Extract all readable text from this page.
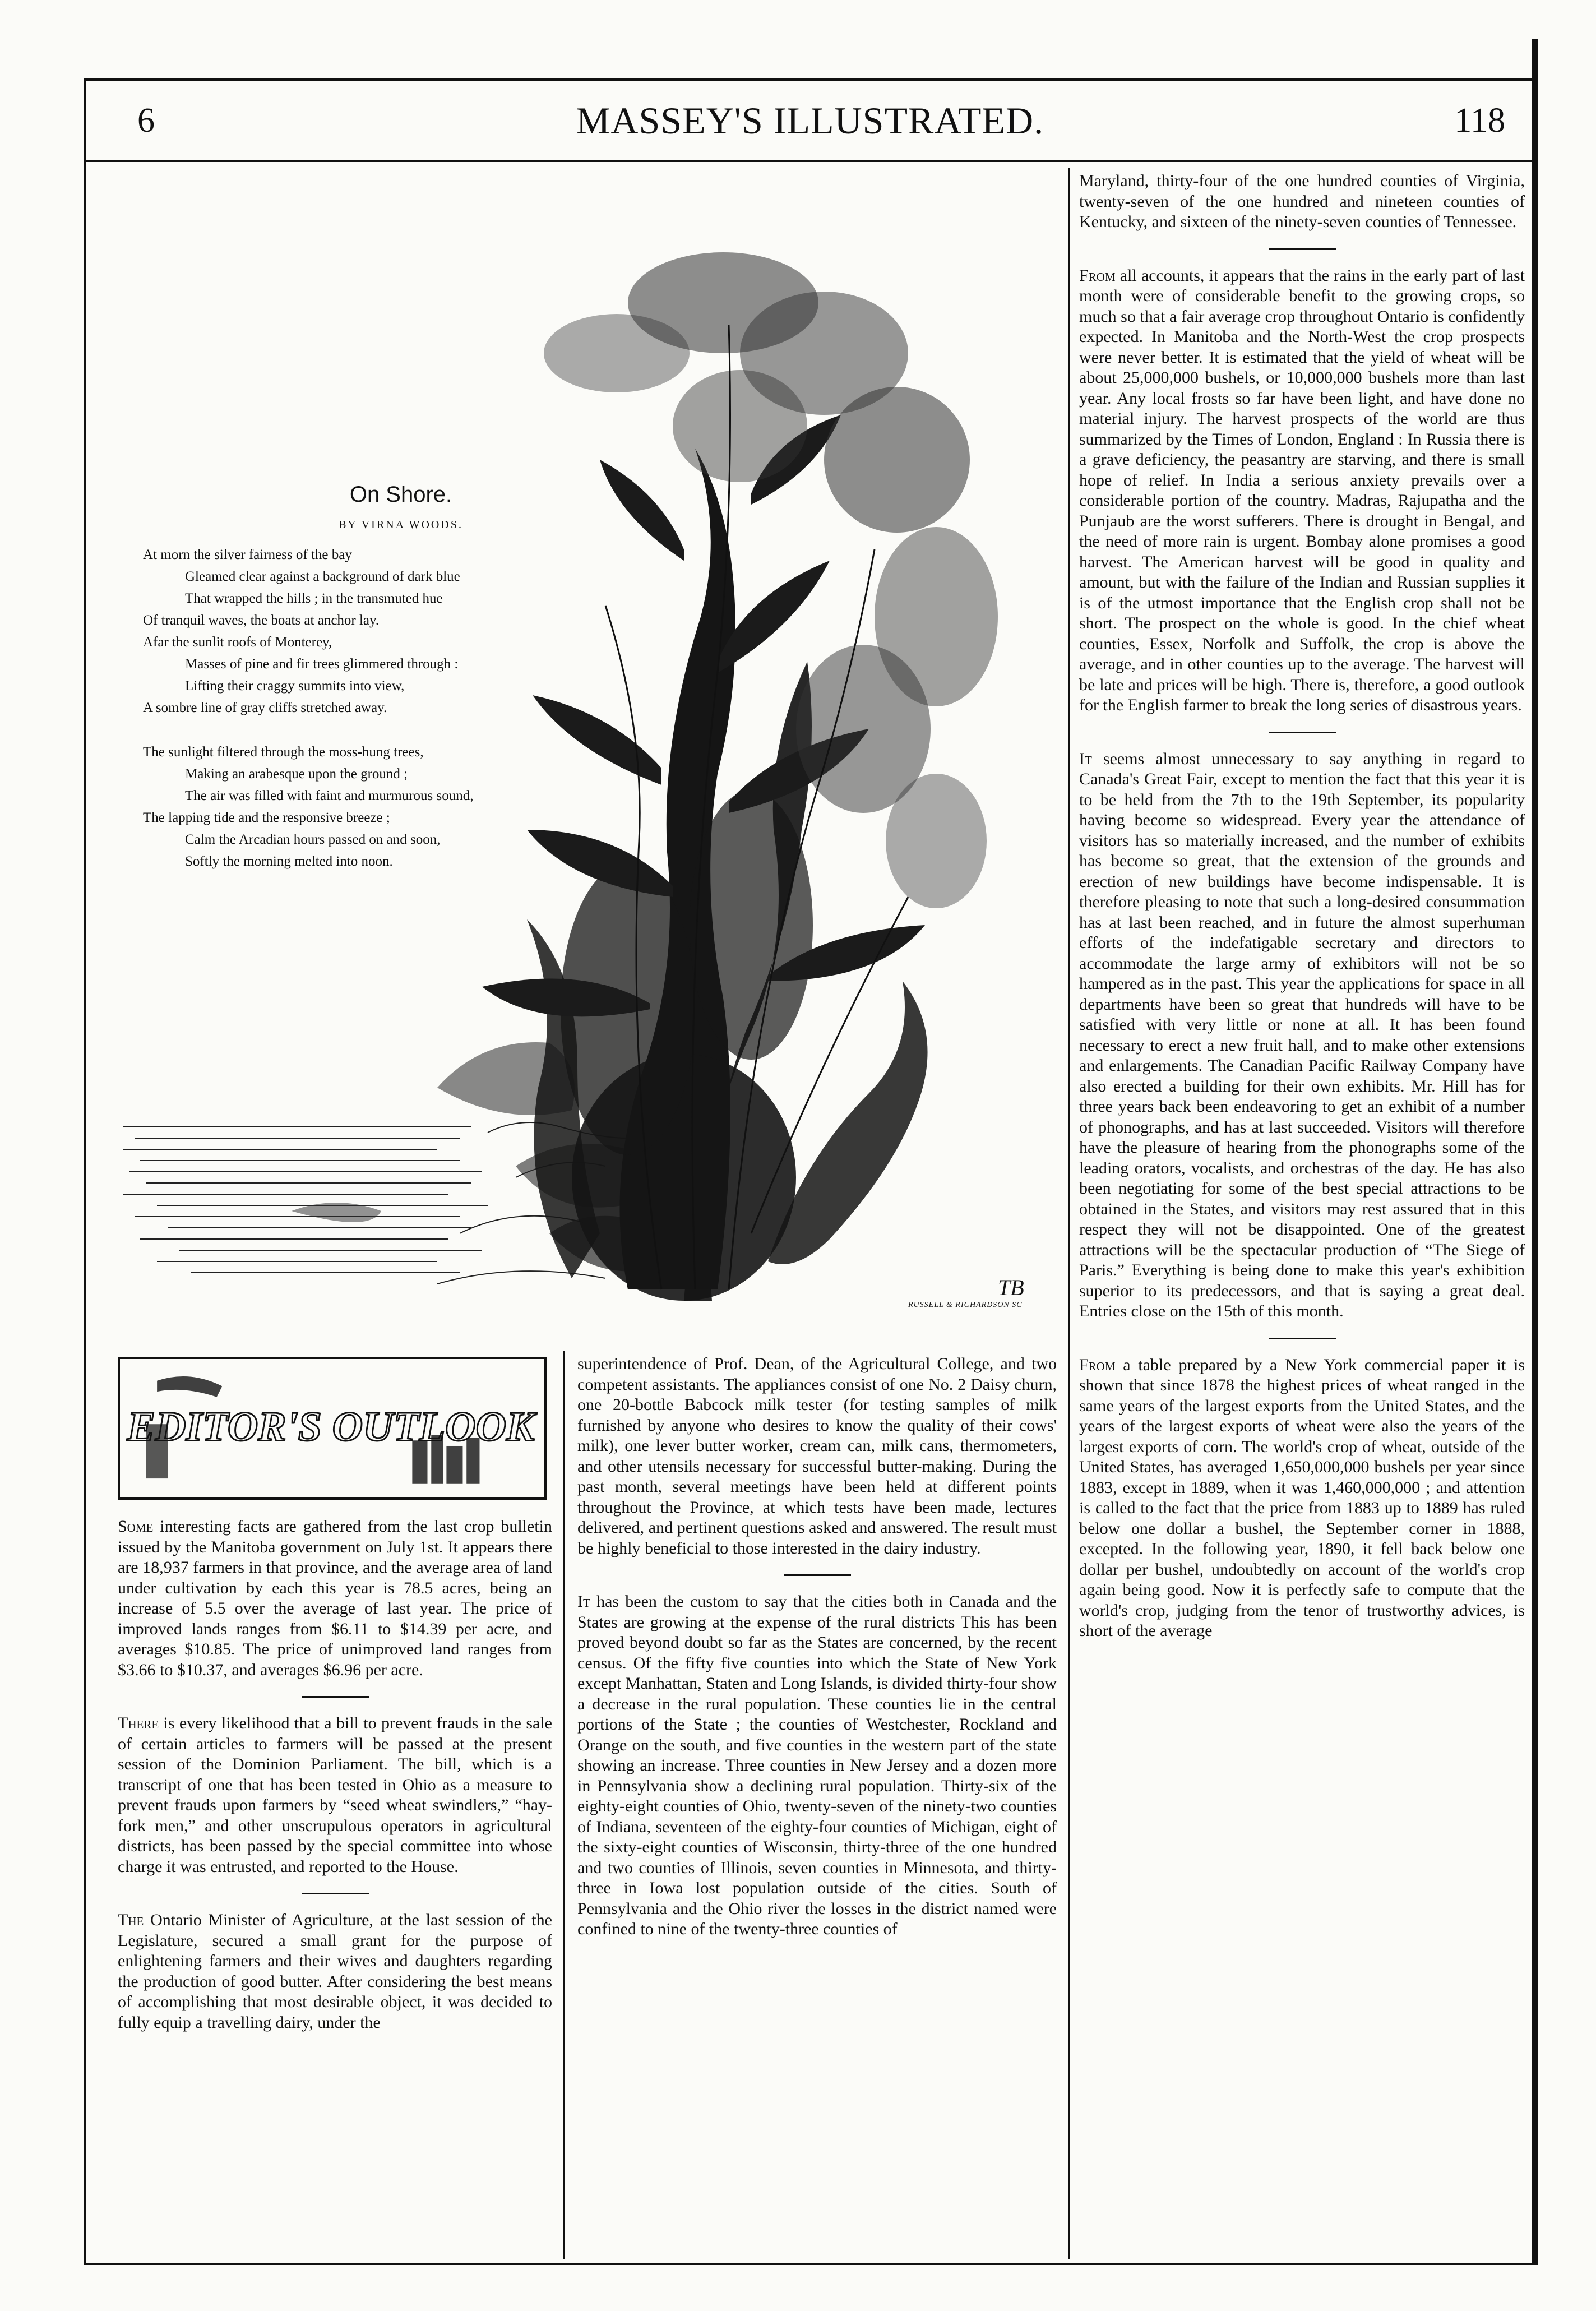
6	MASSEY'S ILLUSTRATED.	118
TB
RUSSELL & RICHARDSON SC
On Shore.
BY VIRNA WOODS.
At morn the silver fairness of the bay
Gleamed clear against a background of dark blue
That wrapped the hills ; in the transmuted hue
Of tranquil waves, the boats at anchor lay.
Afar the sunlit roofs of Monterey,
Masses of pine and fir trees glimmered through :
Lifting their craggy summits into view,
A sombre line of gray cliffs stretched away.
The sunlight filtered through the moss-hung trees,
Making an arabesque upon the ground ;
The air was filled with faint and murmurous sound,
The lapping tide and the responsive breeze ;
Calm the Arcadian hours passed on and soon,
Softly the morning melted into noon.
EDITOR'S OUTLOOK

Some interesting facts are gathered from the last crop bulletin issued by the Manitoba government on July 1st. It appears there are 18,937 farmers in that province, and the average area of land under cultivation by each this year is 78.5 acres, being an increase of 5.5 over the average of last year. The price of improved lands ranges from $6.11 to $14.39 per acre, and averages $10.85. The price of unimproved land ranges from $3.66 to $10.37, and averages $6.96 per acre.

There is every likelihood that a bill to prevent frauds in the sale of certain articles to farmers will be passed at the present session of the Dominion Parliament. The bill, which is a transcript of one that has been tested in Ohio as a measure to prevent frauds upon farmers by “seed wheat swindlers,” “hay-fork men,” and other unscrupulous operators in agricultural districts, has been passed by the special committee into whose charge it was entrusted, and reported to the House.

The Ontario Minister of Agriculture, at the last session of the Legislature, secured a small grant for the purpose of enlightening farmers and their wives and daughters regarding the production of good butter. After considering the best means of accomplishing that most desirable object, it was decided to fully equip a travelling dairy, under the

superintendence of Prof. Dean, of the Agricultural College, and two competent assistants. The appliances consist of one No. 2 Daisy churn, one 20-bottle Babcock milk tester (for testing samples of milk furnished by anyone who desires to know the quality of their cows' milk), one lever butter worker, cream can, milk cans, thermometers, and other utensils necessary for successful butter-making. During the past month, several meetings have been held at different points throughout the Province, at which tests have been made, lectures delivered, and pertinent questions asked and answered. The result must be highly beneficial to those interested in the dairy industry.

It has been the custom to say that the cities both in Canada and the States are growing at the expense of the rural districts This has been proved beyond doubt so far as the States are concerned, by the recent census. Of the fifty five counties into which the State of New York except Manhattan, Staten and Long Islands, is divided thirty-four show a decrease in the rural population. These counties lie in the central portions of the State ; the counties of Westchester, Rockland and Orange on the south, and five counties in the western part of the state showing an increase. Three counties in New Jersey and a dozen more in Pennsylvania show a declining rural population. Thirty-six of the eighty-eight counties of Ohio, twenty-seven of the ninety-two counties of Indiana, seventeen of the eighty-four counties of Michigan, eight of the sixty-eight counties of Wisconsin, thirty-three of the one hundred and two counties of Illinois, seven counties in Minnesota, and thirty-three in Iowa lost population outside of the cities. South of Pennsylvania and the Ohio river the losses in the district named were confined to nine of the twenty-three counties of

Maryland, thirty-four of the one hundred counties of Virginia, twenty-seven of the one hundred and nineteen counties of Kentucky, and sixteen of the ninety-seven counties of Tennessee.

From all accounts, it appears that the rains in the early part of last month were of considerable benefit to the growing crops, so much so that a fair average crop throughout Ontario is confidently expected. In Manitoba and the North-West the crop prospects were never better. It is estimated that the yield of wheat will be about 25,000,000 bushels, or 10,000,000 bushels more than last year. Any local frosts so far have been light, and have done no material injury. The harvest prospects of the world are thus summarized by the Times of London, England : In Russia there is a grave deficiency, the peasantry are starving, and there is small hope of relief. In India a serious anxiety prevails over a considerable portion of the country. Madras, Rajupatha and the Punjaub are the worst sufferers. There is drought in Bengal, and the need of more rain is urgent. Bombay alone promises a good harvest. The American harvest will be good in quality and amount, but with the failure of the Indian and Russian supplies it is of the utmost importance that the English crop shall not be short. The prospect on the whole is good. In the chief wheat counties, Essex, Norfolk and Suffolk, the crop is above the average, and in other counties up to the average. The harvest will be late and prices will be high. There is, therefore, a good outlook for the English farmer to break the long series of disastrous years.

It seems almost unnecessary to say anything in regard to Canada's Great Fair, except to mention the fact that this year it is to be held from the 7th to the 19th September, its popularity having become so widespread. Every year the attendance of visitors has so materially increased, and the number of exhibits has become so great, that the extension of the grounds and erection of new buildings have become indispensable. It is therefore pleasing to note that such a long-desired consummation has at last been reached, and in future the almost superhuman efforts of the indefatigable secretary and directors to accommodate the large army of exhibitors will not be so hampered as in the past. This year the applications for space in all departments have been so great that hundreds will have to be satisfied with very little or none at all. It has been found necessary to erect a new fruit hall, and to make other extensions and enlargements. The Canadian Pacific Railway Company have also erected a building for their own exhibits. Mr. Hill has for three years back been endeavoring to get an exhibit of a number of phonographs, and has at last succeeded. Visitors will therefore have the pleasure of hearing from the phonographs some of the leading orators, vocalists, and orchestras of the day. He has also been negotiating for some of the best special attractions to be obtained in the States, and visitors may rest assured that in this respect they will not be disappointed. One of the greatest attractions will be the spectacular production of “The Siege of Paris.” Everything is being done to make this year's exhibition superior to its predecessors, and that is saying a great deal. Entries close on the 15th of this month.

From a table prepared by a New York commercial paper it is shown that since 1878 the highest prices of wheat ranged in the same years of the largest exports from the United States, and the years of the largest exports of wheat were also the years of the largest exports of corn. The world's crop of wheat, outside of the United States, has averaged 1,650,000,000 bushels per year since 1883, except in 1889, when it was 1,460,000,000 ; and attention is called to the fact that the price from 1883 up to 1889 has ruled below one dollar a bushel, the September corner in 1888, excepted. In the following year, 1890, it fell back below one dollar per bushel, undoubtedly on account of the world's crop again being good. Now it is perfectly safe to compute that the world's crop, judging from the tenor of trustworthy advices, is short of the average
